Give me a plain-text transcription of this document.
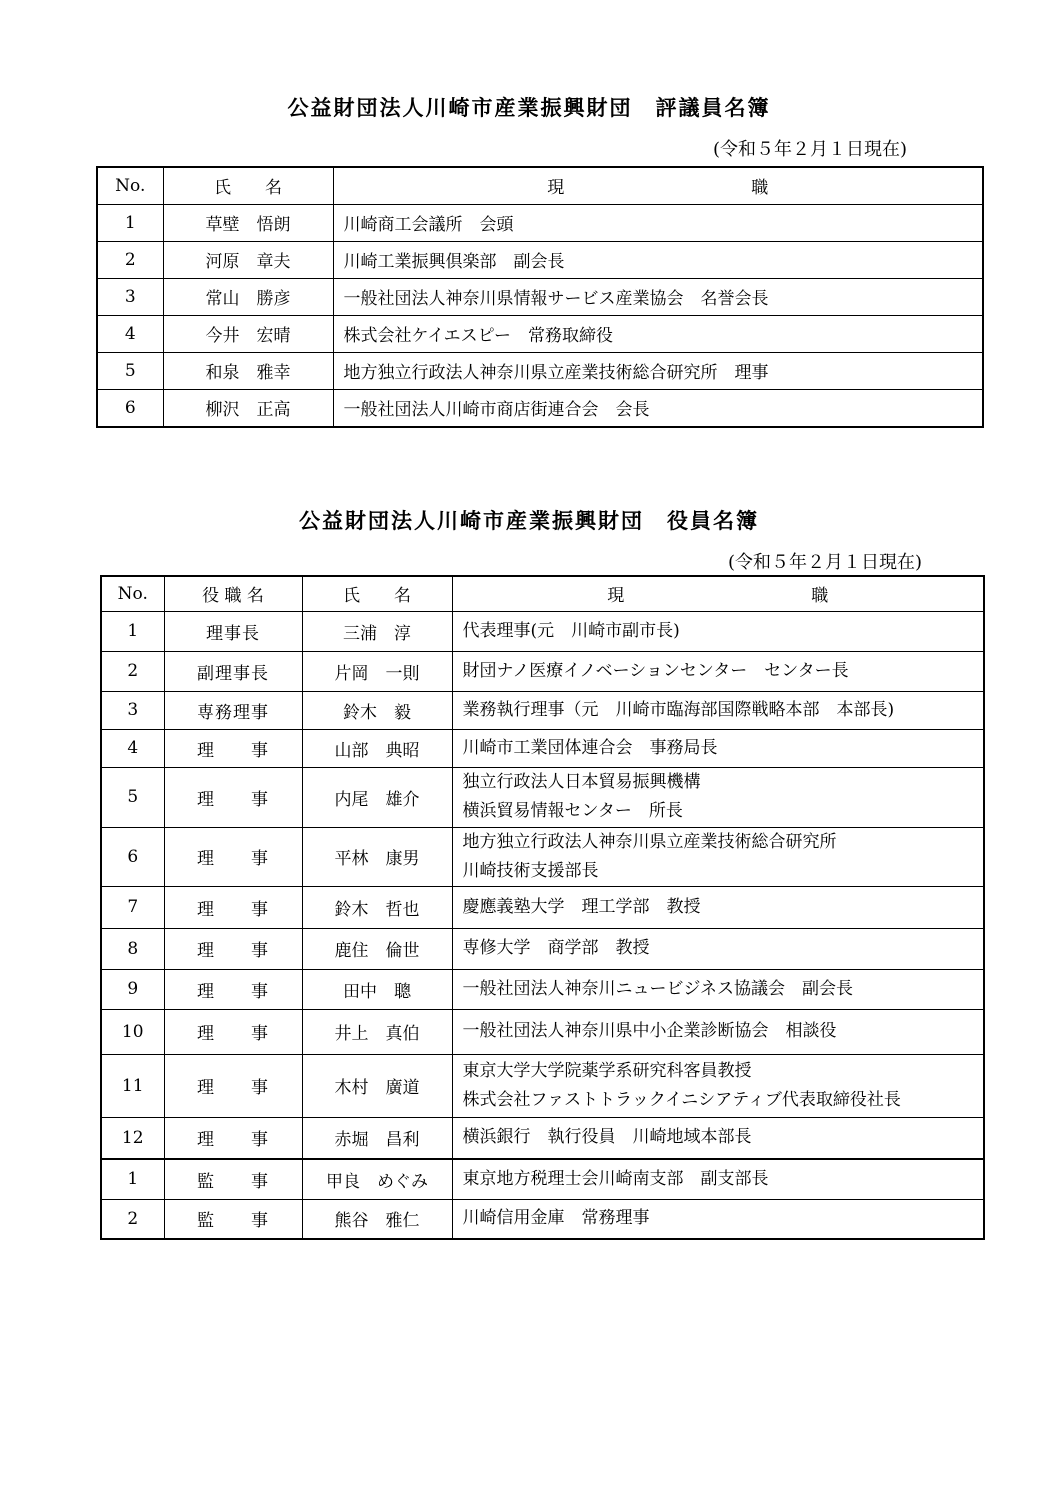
公益財団法人川崎市産業振興財団　評議員名簿
(令和５年２月１日現在)
No.	氏　　名	現　　　　　　　　　　　職
1	草壁　悟朗	川崎商工会議所　会頭
2	河原　章夫	川崎工業振興倶楽部　副会長
3	常山　勝彦	一般社団法人神奈川県情報サービス産業協会　名誉会長
4	今井　宏晴	株式会社ケイエスピー　常務取締役
5	和泉　雅幸	地方独立行政法人神奈川県立産業技術総合研究所　理事
6	柳沢　正高	一般社団法人川崎市商店街連合会　会長
公益財団法人川崎市産業振興財団　役員名簿
(令和５年２月１日現在)
No.	役 職 名	氏　　名	現　　　　　　　　　　　職
1	理事長	三浦　淳	代表理事(元　川崎市副市長)

2	副理事長	片岡　一則	財団ナノ医療イノベーションセンター　センター長

3	専務理事	鈴木　毅	業務執行理事（元　川崎市臨海部国際戦略本部　本部長)

4	理　　事	山部　典昭	川崎市工業団体連合会　事務局長

5	理　　事	内尾　雄介	独立行政法人日本貿易振興機構
横浜貿易情報センター　所長

6	理　　事	平林　康男	地方独立行政法人神奈川県立産業技術総合研究所
川崎技術支援部長

7	理　　事	鈴木　哲也	慶應義塾大学　理工学部　教授

8	理　　事	鹿住　倫世	専修大学　商学部　教授

9	理　　事	田中　聰	一般社団法人神奈川ニュービジネス協議会　副会長

10	理　　事	井上　真伯	一般社団法人神奈川県中小企業診断協会　相談役

11	理　　事	木村　廣道	東京大学大学院薬学系研究科客員教授
株式会社ファストトラックイニシアティブ代表取締役社長

12	理　　事	赤堀　昌利	横浜銀行　執行役員　川崎地域本部長

1	監　　事	甲良　めぐみ	東京地方税理士会川崎南支部　副支部長

2	監　　事	熊谷　雅仁	川崎信用金庫　常務理事
